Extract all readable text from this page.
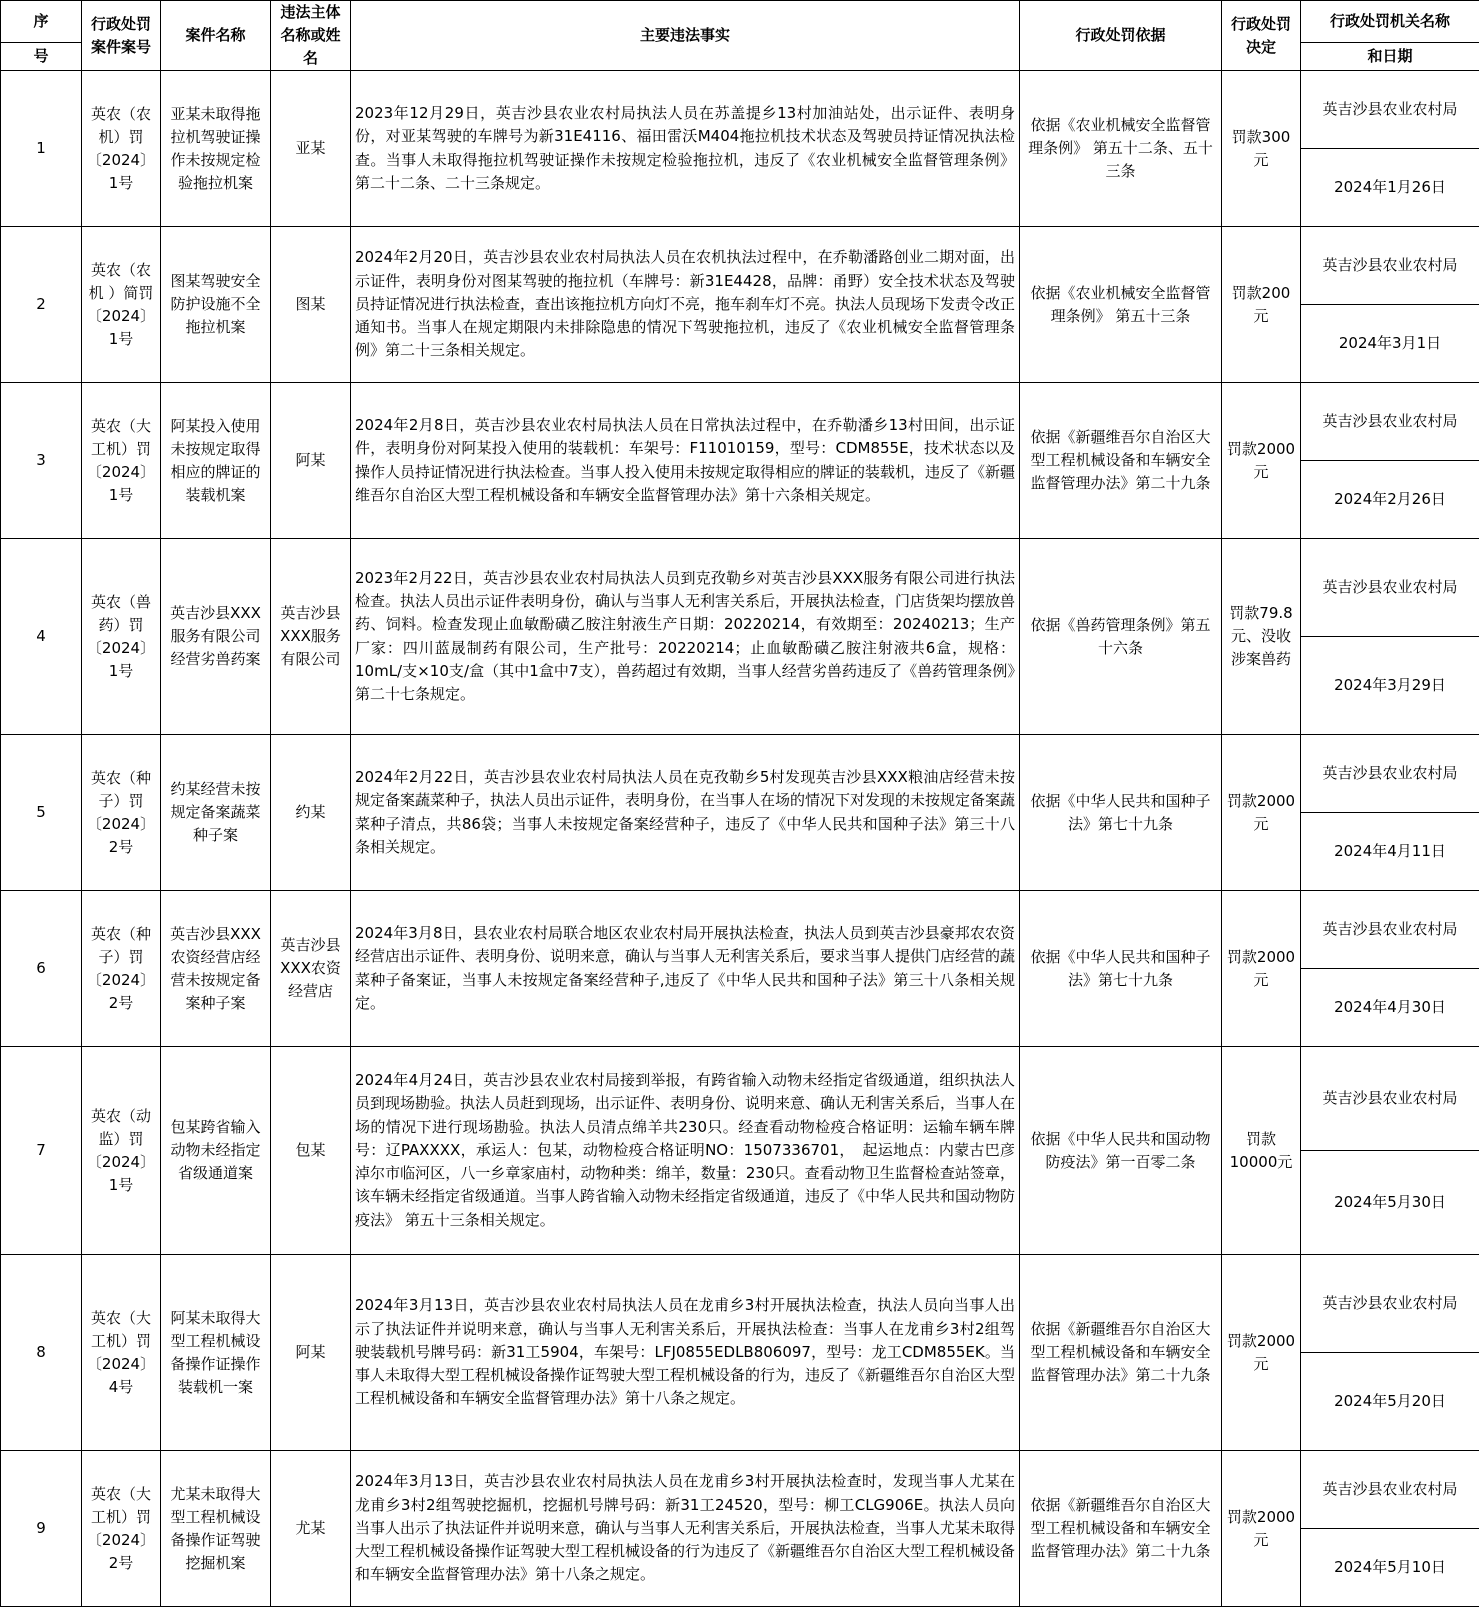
序	行政处罚案件案号	案件名称	违法主体名称或姓名	主要违法事实	行政处罚依据	行政处罚决定	行政处罚机关名称
号							和日期
1	英农（农机）罚〔2024〕1号	亚某未取得拖拉机驾驶证操作未按规定检验拖拉机案	亚某	2023年12月29日，英吉沙县农业农村局执法人员在苏盖提乡13村加油站处，出示证件、表明身份，对亚某驾驶的车牌号为新31E4116、福田雷沃M404拖拉机技术状态及驾驶员持证情况执法检查。当事人未取得拖拉机驾驶证操作未按规定检验拖拉机，违反了《农业机械安全监督管理条例》 第二十二条、二十三条规定。	依据《农业机械安全监督管理条例》 第五十二条、五十三条	罚款300元	英吉沙县农业农村局
							2024年1月26日
2	英农（农机 ）简罚〔2024〕1号	图某驾驶安全防护设施不全拖拉机案	图某	2024年2月20日，英吉沙县农业农村局执法人员在农机执法过程中，在乔勒潘路创业二期对面，出示证件，表明身份对图某驾驶的拖拉机（车牌号：新31E4428，品牌：甬野）安全技术状态及驾驶员持证情况进行执法检查，查出该拖拉机方向灯不亮，拖车刹车灯不亮。执法人员现场下发责令改正通知书。当事人在规定期限内未排除隐患的情况下驾驶拖拉机，违反了《农业机械安全监督管理条例》第二十三条相关规定。	依据《农业机械安全监督管理条例》 第五十三条	罚款200元	英吉沙县农业农村局
							2024年3月1日
3	英农（大工机）罚〔2024〕1号	阿某投入使用未按规定取得相应的牌证的装载机案	阿某	2024年2月8日，英吉沙县农业农村局执法人员在日常执法过程中，在乔勒潘乡13村田间，出示证件，表明身份对阿某投入使用的装载机：车架号：F11010159，型号：CDM855E，技术状态以及操作人员持证情况进行执法检查。当事人投入使用未按规定取得相应的牌证的装载机，违反了《新疆维吾尔自治区大型工程机械设备和车辆安全监督管理办法》第十六条相关规定。	依据《新疆维吾尔自治区大型工程机械设备和车辆安全监督管理办法》第二十九条	罚款2000元	英吉沙县农业农村局
							2024年2月26日
4	英农（兽药）罚〔2024〕1号	英吉沙县XXX服务有限公司经营劣兽药案	英吉沙县XXX服务有限公司	2023年2月22日，英吉沙县农业农村局执法人员到克孜勒乡对英吉沙县XXX服务有限公司进行执法检查。执法人员出示证件表明身份，确认与当事人无利害关系后，开展执法检查，门店货架均摆放兽药、饲料。检查发现止血敏酚磺乙胺注射液生产日期：20220214，有效期至：20240213；生产厂家：四川蓝晟制药有限公司，生产批号：20220214；止血敏酚磺乙胺注射液共6盒，规格：10mL/支×10支/盒（其中1盒中7支），兽药超过有效期，当事人经营劣兽药违反了《兽药管理条例》第二十七条规定。	依据《兽药管理条例》第五十六条	罚款79.8元、没收涉案兽药	英吉沙县农业农村局
							2024年3月29日
5	英农（种子）罚〔2024〕2号	约某经营未按规定备案蔬菜种子案	约某	2024年2月22日，英吉沙县农业农村局执法人员在克孜勒乡5村发现英吉沙县XXX粮油店经营未按规定备案蔬菜种子，执法人员出示证件，表明身份，在当事人在场的情况下对发现的未按规定备案蔬菜种子清点，共86袋；当事人未按规定备案经营种子，违反了《中华人民共和国种子法》第三十八条相关规定。	依据《中华人民共和国种子法》第七十九条	罚款2000元	英吉沙县农业农村局
							2024年4月11日
6	英农（种子）罚〔2024〕2号	英吉沙县XXX农资经营店经营未按规定备案种子案	英吉沙县XXX农资经营店	2024年3月8日，县农业农村局联合地区农业农村局开展执法检查，执法人员到英吉沙县豪邦农农资经营店出示证件、表明身份、说明来意，确认与当事人无利害关系后，要求当事人提供门店经营的蔬菜种子备案证，当事人未按规定备案经营种子,违反了《中华人民共和国种子法》第三十八条相关规定。	依据《中华人民共和国种子法》第七十九条	罚款2000元	英吉沙县农业农村局
							2024年4月30日
7	英农（动监）罚〔2024〕1号	包某跨省输入动物未经指定省级通道案	包某	2024年4月24日，英吉沙县农业农村局接到举报，有跨省输入动物未经指定省级通道，组织执法人员到现场勘验。执法人员赶到现场，出示证件、表明身份、说明来意、确认无利害关系后，当事人在场的情况下进行现场勘验。执法人员清点绵羊共230只。经查看动物检疫合格证明：运输车辆车牌号：辽PAXXXX，承运人：包某，动物检疫合格证明NO：1507336701，　起运地点：内蒙古巴彦淖尔市临河区，八一乡章家庙村，动物种类：绵羊，数量：230只。查看动物卫生监督检查站签章，该车辆未经指定省级通道。当事人跨省输入动物未经指定省级通道，违反了《中华人民共和国动物防疫法》 第五十三条相关规定。	依据《中华人民共和国动物防疫法》第一百零二条	罚款10000元	英吉沙县农业农村局
							2024年5月30日
8	英农（大工机）罚〔2024〕4号	阿某未取得大型工程机械设备操作证操作装载机一案	阿某	2024年3月13日，英吉沙县农业农村局执法人员在龙甫乡3村开展执法检查，执法人员向当事人出示了执法证件并说明来意，确认与当事人无利害关系后，开展执法检查：当事人在龙甫乡3村2组驾驶装载机号牌号码：新31工5904，车架号：LFJ0855EDLB806097，型号：龙工CDM855EK。当事人未取得大型工程机械设备操作证驾驶大型工程机械设备的行为，违反了《新疆维吾尔自治区大型工程机械设备和车辆安全监督管理办法》第十八条之规定。	依据《新疆维吾尔自治区大型工程机械设备和车辆安全监督管理办法》第二十九条	罚款2000元	英吉沙县农业农村局
							2024年5月20日
9	英农（大工机）罚〔2024〕2号	尤某未取得大型工程机械设备操作证驾驶挖掘机案	尤某	2024年3月13日，英吉沙县农业农村局执法人员在龙甫乡3村开展执法检查时，发现当事人尤某在龙甫乡3村2组驾驶挖掘机，挖掘机号牌号码：新31工24520，型号：柳工CLG906E。执法人员向当事人出示了执法证件并说明来意，确认与当事人无利害关系后，开展执法检查，当事人尤某未取得大型工程机械设备操作证驾驶大型工程机械设备的行为违反了《新疆维吾尔自治区大型工程机械设备和车辆安全监督管理办法》第十八条之规定。	依据《新疆维吾尔自治区大型工程机械设备和车辆安全监督管理办法》第二十九条	罚款2000元	英吉沙县农业农村局
							2024年5月10日
